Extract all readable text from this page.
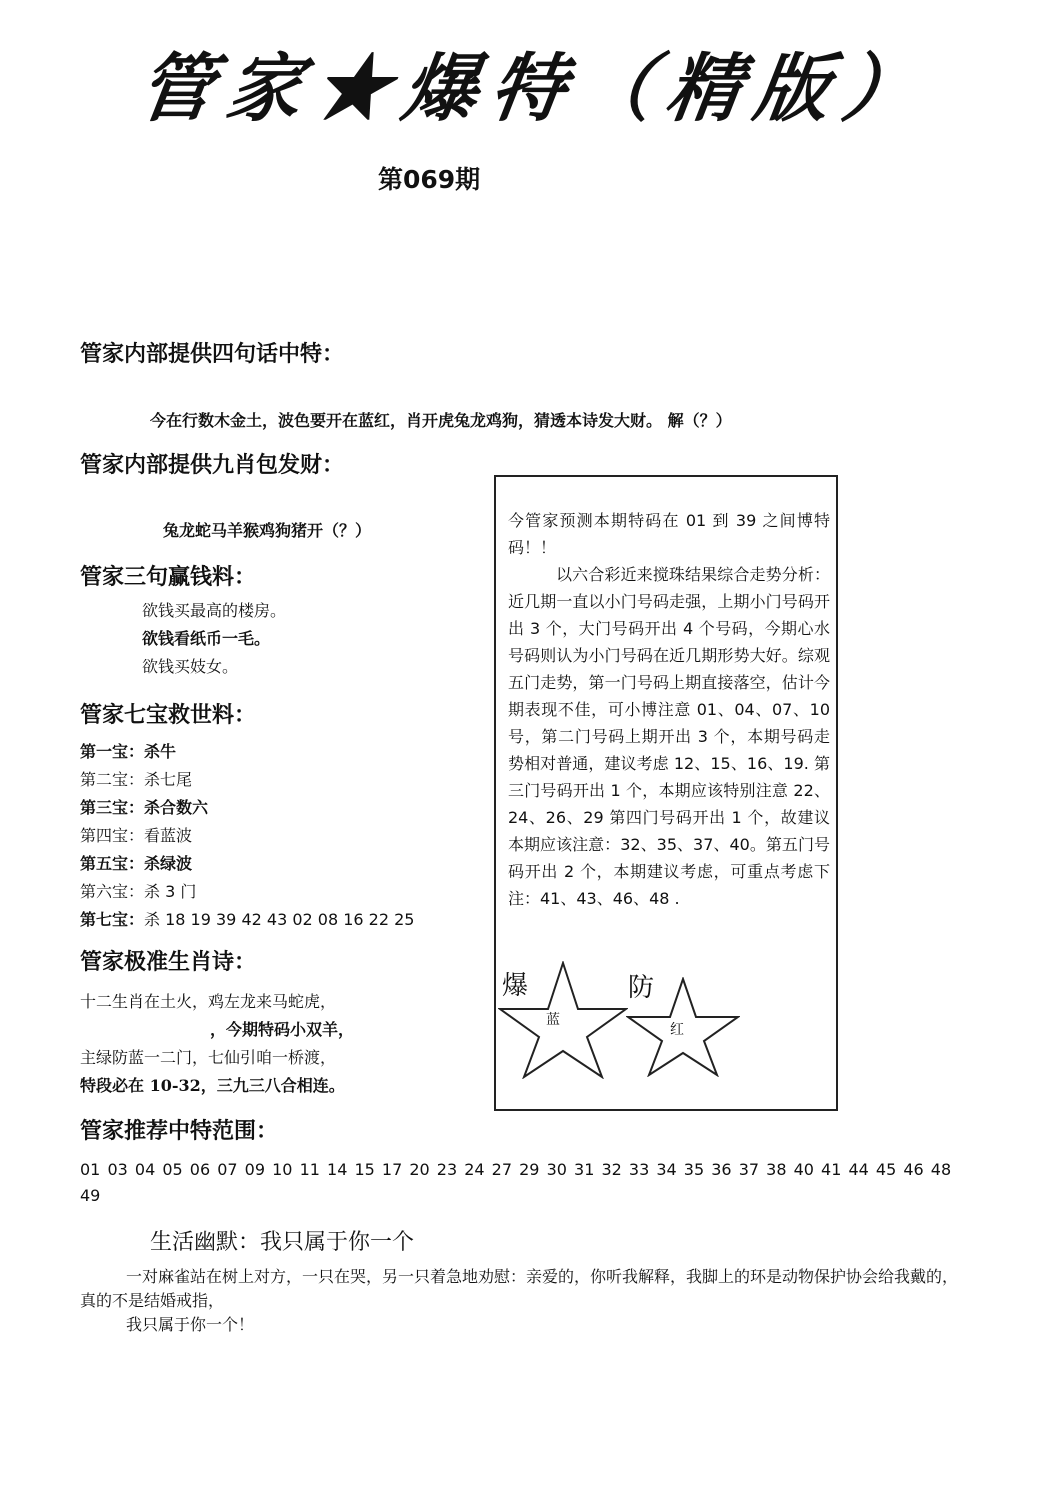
管家★爆特（精版）
第069期
管家内部提供四句话中特：
今在行数木金土，波色要开在蓝红，肖开虎兔龙鸡狗，猜透本诗发大财。 解（？）
管家内部提供九肖包发财：
兔龙蛇马羊猴鸡狗猪开（？）
管家三句赢钱料：
欲钱买最高的楼房。
欲钱看纸币一毛。
欲钱买妓女。
管家七宝救世料：
第一宝：杀牛
第二宝：杀七尾
第三宝：杀合数六
第四宝：看蓝波
第五宝：杀绿波
第六宝：杀 3 门
第七宝：杀 18 19 39 42 43 02 08 16 22 25
管家极准生肖诗：
十二生肖在土火，鸡左龙来马蛇虎，
，今期特码小双羊，
主绿防蓝一二门，七仙引咱一桥渡，
特段必在 10-32，三九三八合相连。
管家推荐中特范围：
01 03 04 05 06 07 09 10 11 14 15 17 20 23 24 27 29 30 31 32 33 34 35 36 37 38 40 41 44 45 46 48 49

今管家预测本期特码在 01 到 39 之间博特码！！

以六合彩近来搅珠结果综合走势分析：近几期一直以小门号码走强，上期小门号码开出 3 个，大门号码开出 4 个号码，今期心水号码则认为小门号码在近几期形势大好。综观五门走势，第一门号码上期直接落空，估计今期表现不佳，可小博注意 01、04、07、10 号，第二门号码上期开出 3 个，本期号码走势相对普通，建议考虑 12、15、16、19. 第三门号码开出 1 个，本期应该特别注意 22、24、26、29 第四门号码开出 1 个，故建议本期应该注意：32、35、37、40。第五门号码开出 2 个，本期建议考虑，可重点考虑下注：41、43、46、48 .

爆
蓝
防
红
生活幽默：我只属于你一个

一对麻雀站在树上对方，一只在哭，另一只着急地劝慰：亲爱的，你听我解释，我脚上的环是动物保护协会给我戴的，真的不是结婚戒指，

我只属于你一个！
